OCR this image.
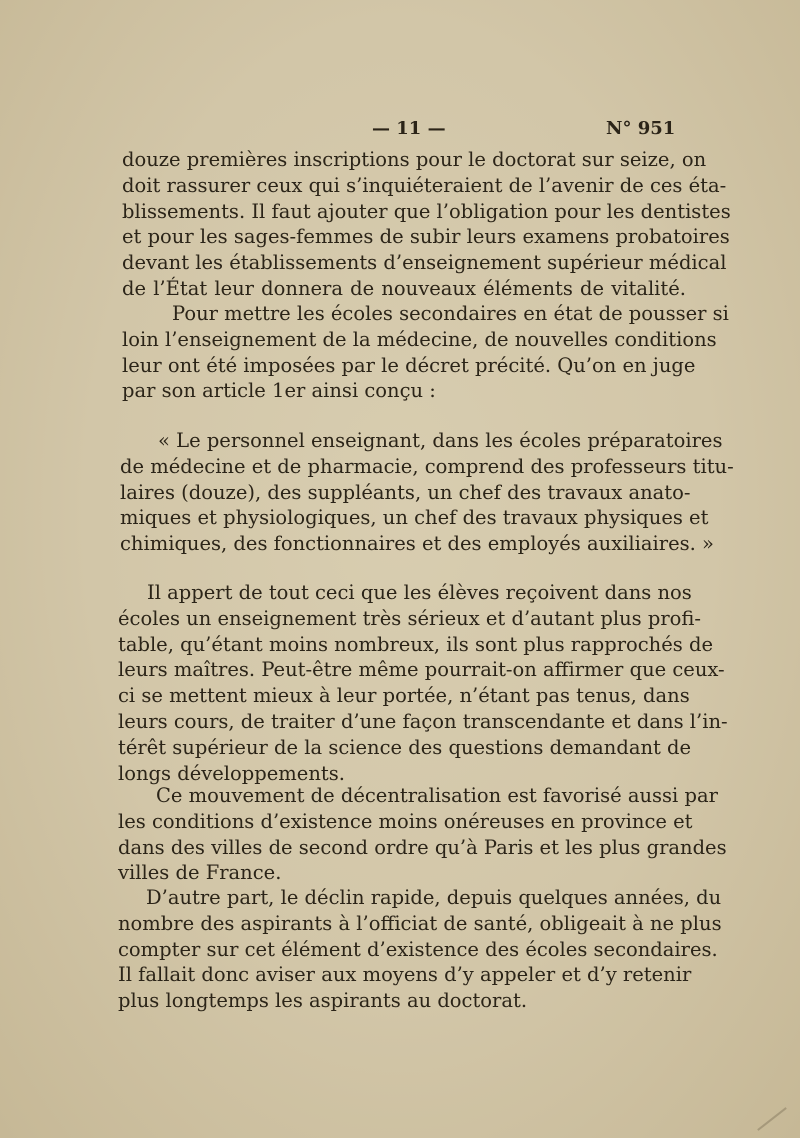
— 11 —	N° 951

douze premières inscriptions pour le doctorat sur seize, on
doit rassurer ceux qui s’inquiéteraient de l’avenir de ces éta-
blissements. Il faut ajouter que l’obligation pour les dentistes
et pour les sages-femmes de subir leurs examens probatoires
devant les établissements d’enseignement supérieur médical
de l’État leur donnera de nouveaux éléments de vitalité.

Pour mettre les écoles secondaires en état de pousser si
loin l’enseignement de la médecine, de nouvelles conditions
leur ont été imposées par le décret précité. Qu’on en juge
par son article 1er ainsi conçu :

« Le personnel enseignant, dans les écoles préparatoires
de médecine et de pharmacie, comprend des professeurs titu-
laires (douze), des suppléants, un chef des travaux anato-
miques et physiologiques, un chef des travaux physiques et
chimiques, des fonctionnaires et des employés auxiliaires. »

Il appert de tout ceci que les élèves reçoivent dans nos
écoles un enseignement très sérieux et d’autant plus profi-
table, qu’étant moins nombreux, ils sont plus rapprochés de
leurs maîtres. Peut-être même pourrait-on affirmer que ceux-
ci se mettent mieux à leur portée, n’étant pas tenus, dans
leurs cours, de traiter d’une façon transcendante et dans l’in-
térêt supérieur de la science des questions demandant de
longs développements.

Ce mouvement de décentralisation est favorisé aussi par
les conditions d’existence moins onéreuses en province et
dans des villes de second ordre qu’à Paris et les plus grandes
villes de France.

D’autre part, le déclin rapide, depuis quelques années, du
nombre des aspirants à l’officiat de santé, obligeait à ne plus
compter sur cet élément d’existence des écoles secondaires.
Il fallait donc aviser aux moyens d’y appeler et d’y retenir
plus longtemps les aspirants au doctorat.
